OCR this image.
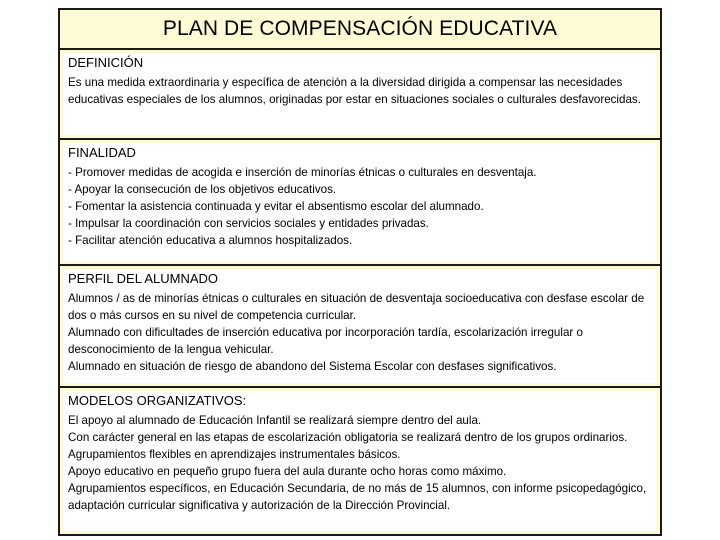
PLAN DE COMPENSACIÓN EDUCATIVA
DEFINICIÓN
Es una medida extraordinaria y específica de atención a la diversidad dirigida a compensar las necesidades educativas especiales de los alumnos, originadas por estar en situaciones sociales o culturales desfavorecidas.
FINALIDAD
- Promover medidas de acogida e inserción de minorías étnicas o culturales en desventaja.
- Apoyar la consecución de los objetivos educativos.
- Fomentar la asistencia continuada y evitar el absentismo escolar del alumnado.
- Impulsar la coordinación con servicios sociales y entidades privadas.
- Facilitar atención educativa a alumnos hospitalizados.
PERFIL DEL ALUMNADO
Alumnos / as de minorías étnicas o culturales en situación de desventaja socioeducativa con desfase escolar de dos o más cursos en su nivel de competencia curricular.
Alumnado con dificultades de inserción educativa por incorporación tardía, escolarización irregular o desconocimiento de la lengua vehicular.
Alumnado en situación de riesgo de abandono del Sistema Escolar con desfases significativos.
MODELOS ORGANIZATIVOS:
El apoyo al alumnado de Educación Infantil se realizará siempre dentro del aula.
Con carácter general en las etapas de escolarización obligatoria se realizará dentro de los grupos ordinarios.
Agrupamientos flexibles en aprendizajes instrumentales básicos.
Apoyo educativo en pequeño grupo fuera del aula durante ocho horas como máximo.
Agrupamientos específicos, en Educación Secundaria, de no más de 15 alumnos, con informe psicopedagógico, adaptación curricular significativa y autorización de la Dirección Provincial.
